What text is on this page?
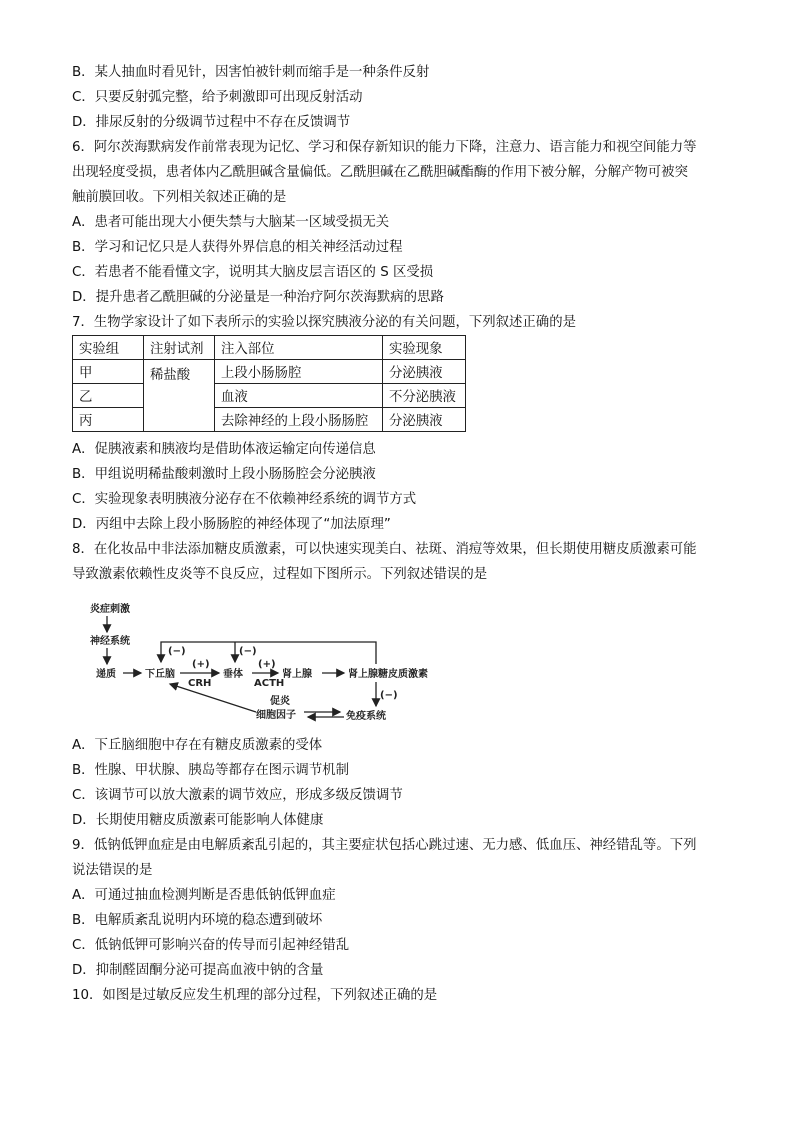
B．某人抽血时看见针，因害怕被针刺而缩手是一种条件反射
C．只要反射弧完整，给予刺激即可出现反射活动
D．排尿反射的分级调节过程中不存在反馈调节
6．阿尔茨海默病发作前常表现为记忆、学习和保存新知识的能力下降，注意力、语言能力和视空间能力等
出现轻度受损，患者体内乙酰胆碱含量偏低。乙酰胆碱在乙酰胆碱酯酶的作用下被分解，分解产物可被突
触前膜回收。下列相关叙述正确的是
A．患者可能出现大小便失禁与大脑某一区域受损无关
B．学习和记忆只是人获得外界信息的相关神经活动过程
C．若患者不能看懂文字，说明其大脑皮层言语区的 S 区受损
D．提升患者乙酰胆碱的分泌量是一种治疗阿尔茨海默病的思路
7．生物学家设计了如下表所示的实验以探究胰液分泌的有关问题，下列叙述正确的是
实验组	注射试剂	注入部位	实验现象
甲	稀盐酸	上段小肠肠腔	分泌胰液
乙		血液	不分泌胰液
丙		去除神经的上段小肠肠腔	分泌胰液
A．促胰液素和胰液均是借助体液运输定向传递信息
B．甲组说明稀盐酸刺激时上段小肠肠腔会分泌胰液
C．实验现象表明胰液分泌存在不依赖神经系统的调节方式
D．丙组中去除上段小肠肠腔的神经体现了“加法原理”
8．在化妆品中非法添加糖皮质激素，可以快速实现美白、祛斑、消痘等效果，但长期使用糖皮质激素可能
导致激素依赖性皮炎等不良反应，过程如下图所示。下列叙述错误的是
炎症刺激
神经系统
递质	下丘脑	垂体	肾上腺	肾上腺糖皮质激素
CRH	ACTH
(+)	(+)
(−)	(−)
(−)
促炎
细胞因子	免疫系统
A．下丘脑细胞中存在有糖皮质激素的受体
B．性腺、甲状腺、胰岛等都存在图示调节机制
C．该调节可以放大激素的调节效应，形成多级反馈调节
D．长期使用糖皮质激素可能影响人体健康
9．低钠低钾血症是由电解质紊乱引起的，其主要症状包括心跳过速、无力感、低血压、神经错乱等。下列
说法错误的是
A．可通过抽血检测判断是否患低钠低钾血症
B．电解质紊乱说明内环境的稳态遭到破坏
C．低钠低钾可影响兴奋的传导而引起神经错乱
D．抑制醛固酮分泌可提高血液中钠的含量
10．如图是过敏反应发生机理的部分过程，下列叙述正确的是
